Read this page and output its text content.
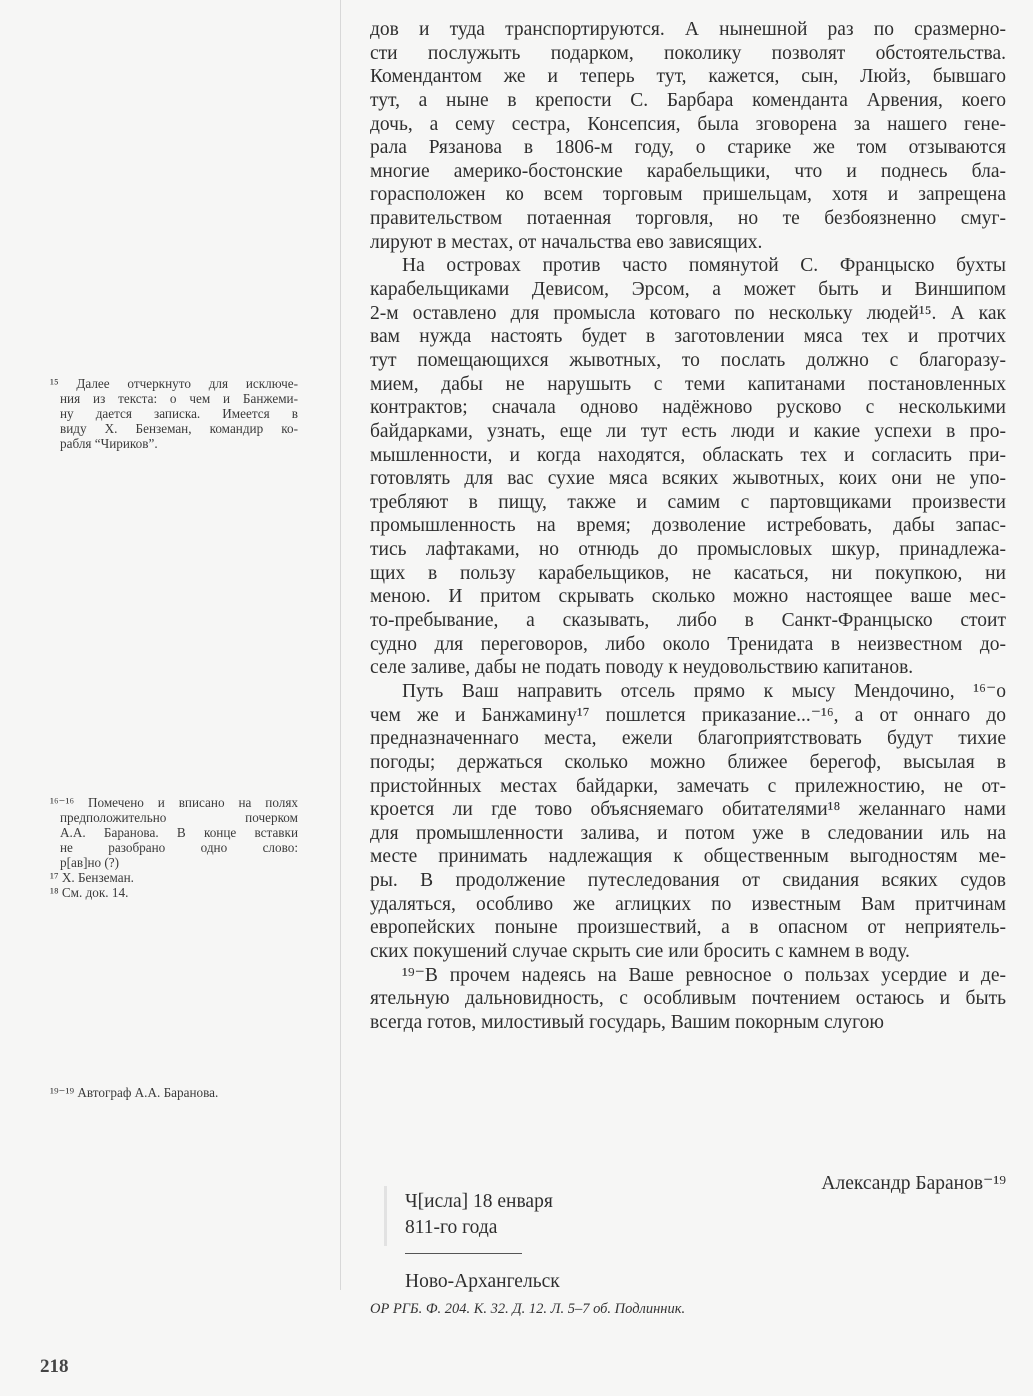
дов и туда транспортируются. А нынешной раз по сразмерно-
сти послужыть подарком, поколику позволят обстоятельства.
Комендантом же и теперь тут, кажется, сын, Люйз, бывшаго
тут, а ныне в крепости С. Барбара коменданта Арвения, коего
дочь, а сему сестра, Консепсия, была зговорена за нашего гене-
рала Рязанова в 1806-м году, о старике же том отзываются
многие америко-бостонские карабельщики, что и поднесь бла-
горасположен ко всем торговым пришельцам, хотя и запрещена
правительством потаенная торговля, но те безбоязненно смуг-
лируют в местах, от начальства ево зависящих.
На островах против часто помянутой С. Францыско бухты
карабельщиками Девисом, Эрсом, а может быть и Виншипом
2-м оставлено для промысла котоваго по нескольку людей¹⁵. А как
вам нужда настоять будет в заготовлении мяса тех и протчих
тут помещающихся жывотных, то послать должно с благоразу-
мием, дабы не нарушыть с теми капитанами постановленных
контрактов; сначала одново надёжново русково с несколькими
байдарками, узнать, еще ли тут есть люди и какие успехи в про-
мышленности, и когда находятся, обласкать тех и согласить при-
готовлять для вас сухие мяса всяких жывотных, коих они не упо-
требляют в пищу, также и самим с партовщиками произвести
промышленность на время; дозволение истребовать, дабы запас-
тись лафтаками, но отнюдь до промысловых шкур, принадлежа-
щих в пользу карабельщиков, не касаться, ни покупкою, ни
меною. И притом скрывать сколько можно настоящее ваше мес-
то-пребывание, а сказывать, либо в Санкт-Францыско стоит
судно для переговоров, либо около Тренидата в неизвестном до-
селе заливе, дабы не подать поводу к неудовольствию капитанов.
Путь Ваш направить отсель прямо к мысу Мендочино, ¹⁶⁻о
чем же и Банжамину¹⁷ пошлется приказание...⁻¹⁶, а от оннаго до
предназначеннаго места, ежели благоприятствовать будут тихие
погоды; держаться сколько можно ближее берегоф, высылая в
пристойнных местах байдарки, замечать с прилежностию, не от-
кроется ли где тово объясняемаго обитателями¹⁸ желаннаго нами
для промышленности залива, и потом уже в следовании иль на
месте принимать надлежащия к общественным выгодностям ме-
ры. В продолжение путеследования от свидания всяких судов
удаляться, особливо же аглицких по известным Вам притчинам
европейских поныне произшествий, а в опасном от неприятель-
ских покушений случае скрыть сие или бросить с камнем в воду.
¹⁹⁻В прочем надеясь на Ваше ревносное о пользах усердие и де-
ятельную дальновидность, с особливым почтением остаюсь и быть
всегда готов, милостивый государь, Вашим покорным слугою
Александр Баранов⁻¹⁹
Ч[исла] 18 енваря
811-го года
Ново-Архангельск
ОР РГБ. Ф. 204. К. 32. Д. 12. Л. 5–7 об. Подлинник.
¹⁵ Далее отчеркнуто для исключе-
ния из текста: о чем и Банжеми-
ну дается записка. Имеется в
виду Х. Бенземан, командир ко-
рабля “Чириков”.
¹⁶⁻¹⁶ Помечено и вписано на полях
предположительно почерком
А.А. Баранова. В конце вставки
не разобрано одно слово:
р[ав]но (?)
¹⁷ Х. Бенземан.
¹⁸ См. док. 14.
¹⁹⁻¹⁹ Автограф А.А. Баранова.
218
